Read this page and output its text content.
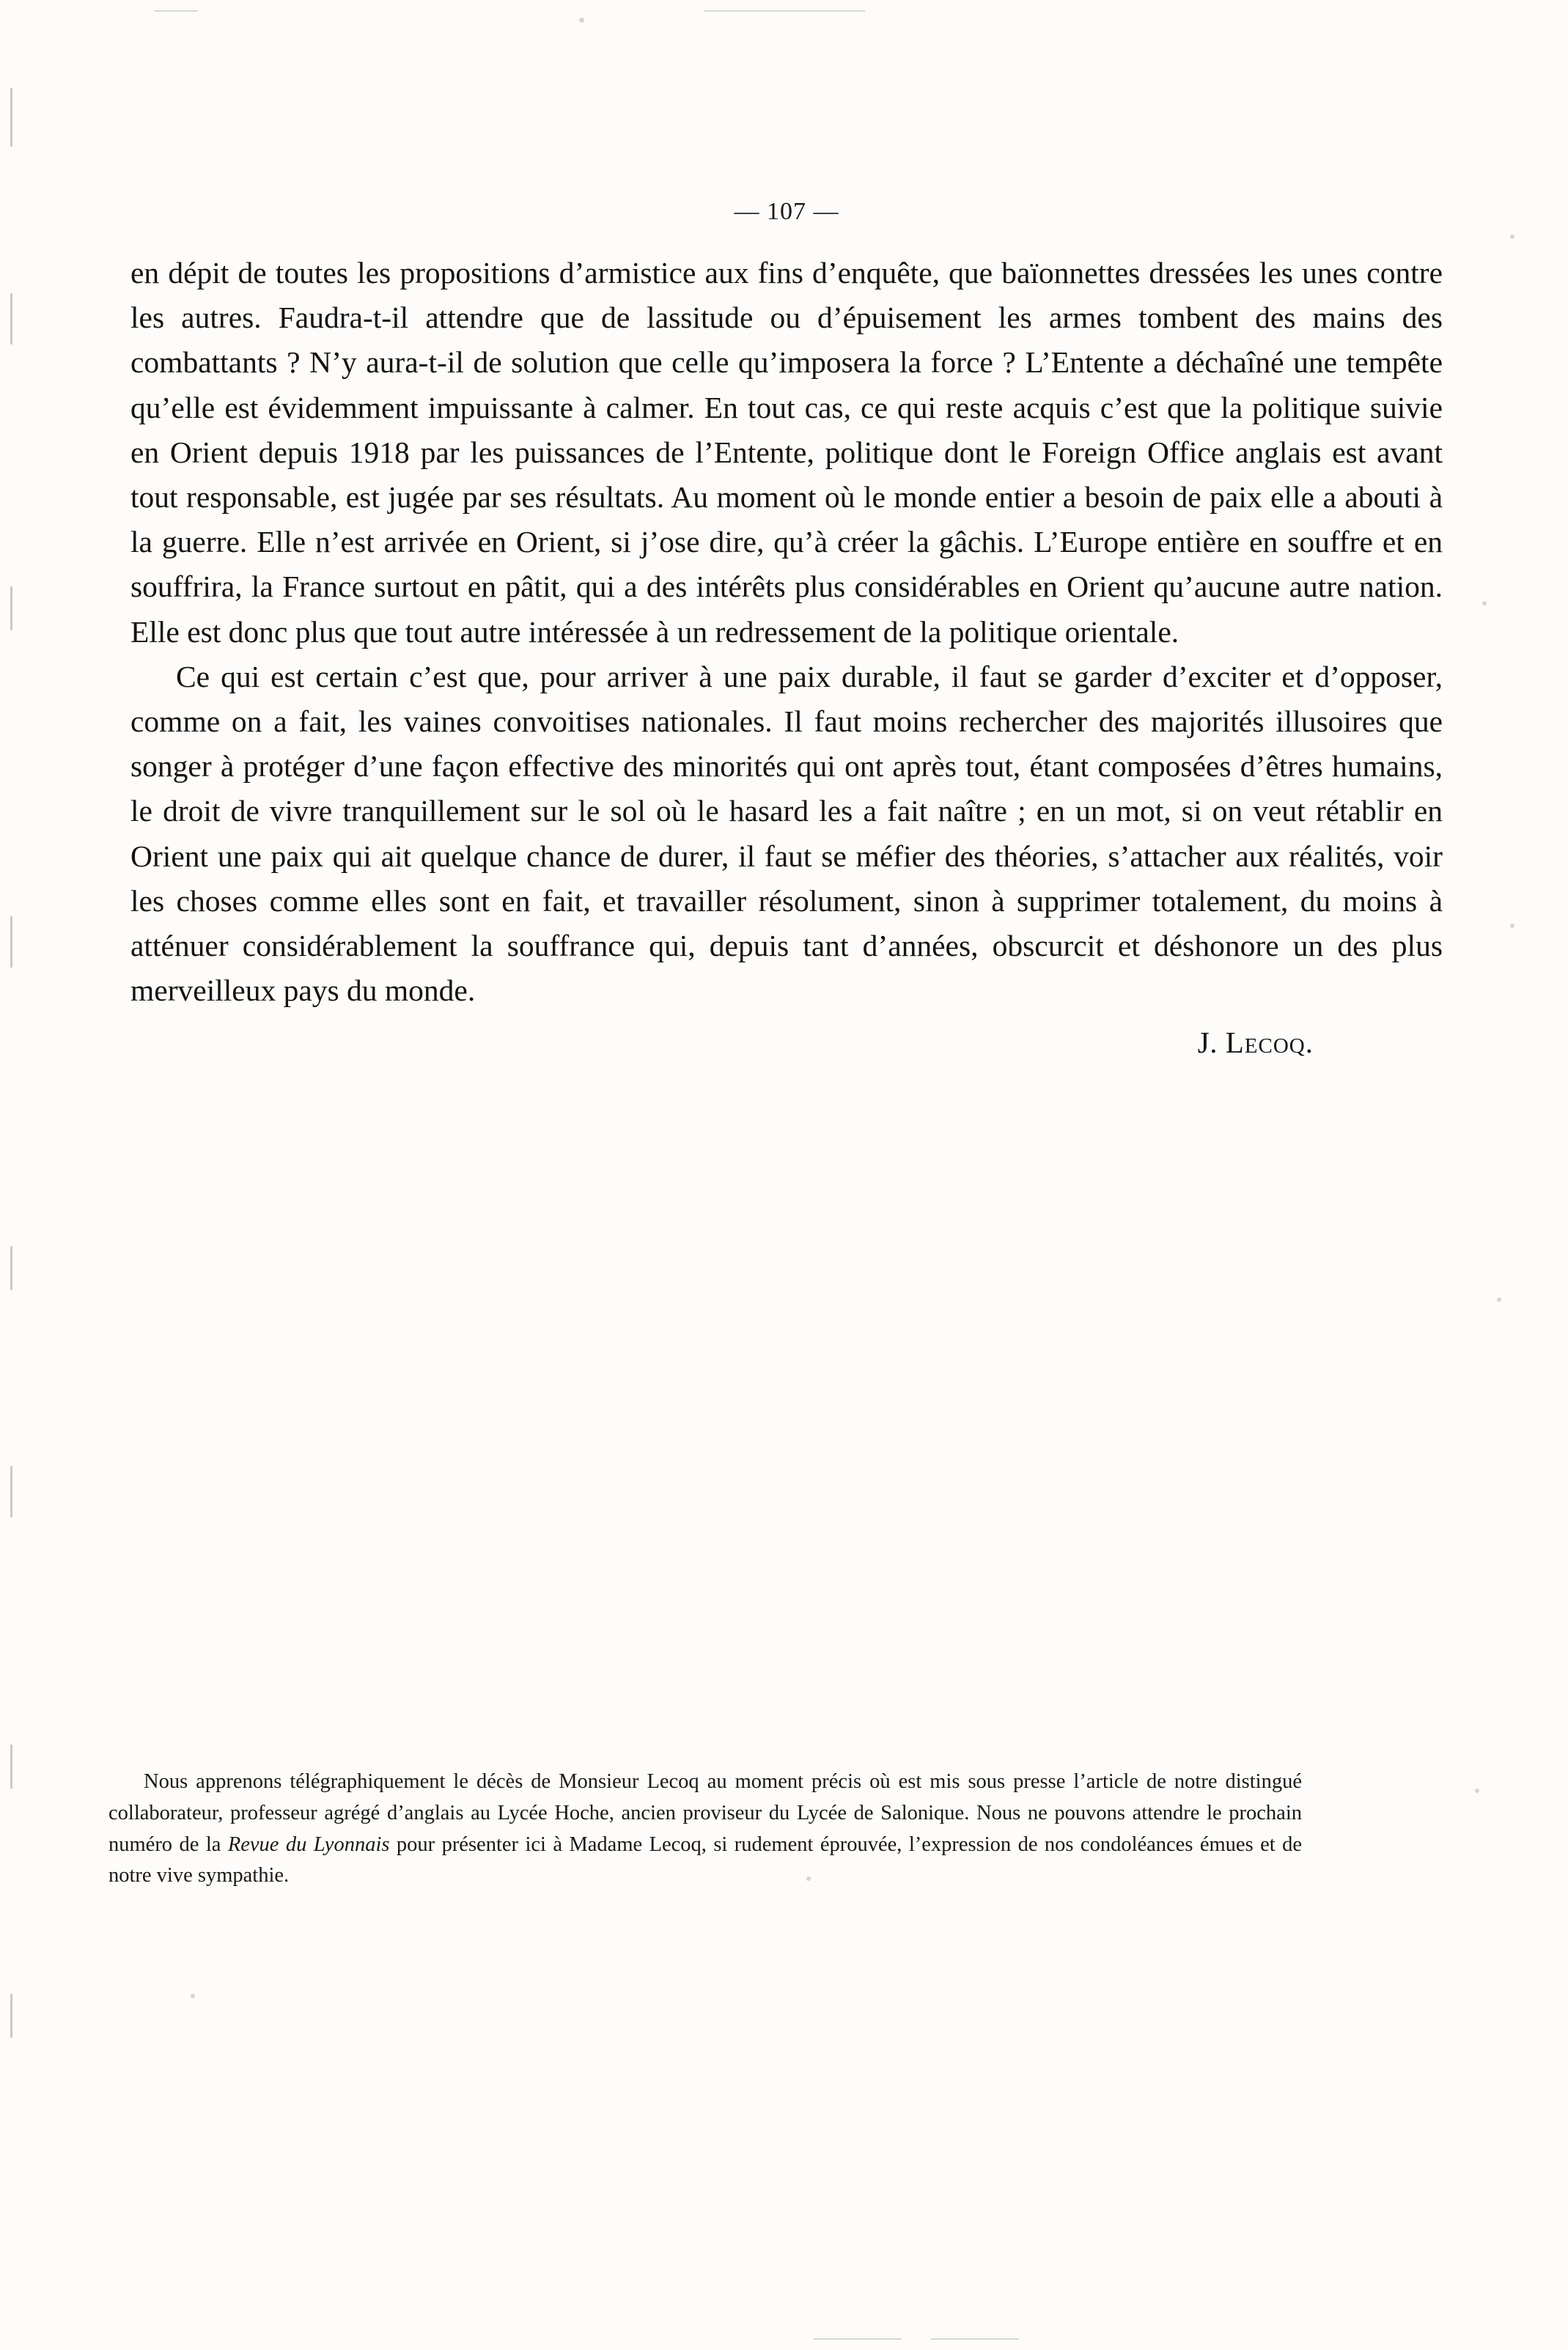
— 107 —

en dépit de toutes les propositions d’armistice aux fins d’enquête, que baïonnettes dressées les unes contre les autres. Faudra-t-il attendre que de lassitude ou d’épuisement les armes tombent des mains des combattants ? N’y aura-t-il de solution que celle qu’imposera la force ? L’Entente a déchaîné une tempête qu’elle est évidemment impuissante à calmer. En tout cas, ce qui reste acquis c’est que la politique suivie en Orient depuis 1918 par les puissances de l’Entente, politique dont le Foreign Office anglais est avant tout responsable, est jugée par ses résultats. Au moment où le monde entier a besoin de paix elle a abouti à la guerre. Elle n’est arrivée en Orient, si j’ose dire, qu’à créer la gâchis. L’Europe entière en souffre et en souffrira, la France surtout en pâtit, qui a des intérêts plus considérables en Orient qu’aucune autre nation. Elle est donc plus que tout autre intéressée à un redressement de la politique orientale.

Ce qui est certain c’est que, pour arriver à une paix durable, il faut se garder d’exciter et d’opposer, comme on a fait, les vaines convoitises nationales. Il faut moins rechercher des majorités illusoires que songer à protéger d’une façon effective des minorités qui ont après tout, étant composées d’êtres humains, le droit de vivre tranquillement sur le sol où le hasard les a fait naître ; en un mot, si on veut rétablir en Orient une paix qui ait quelque chance de durer, il faut se méfier des théories, s’attacher aux réalités, voir les choses comme elles sont en fait, et travailler résolument, sinon à supprimer totalement, du moins à atténuer considérablement la souffrance qui, depuis tant d’années, obscurcit et déshonore un des plus merveilleux pays du monde.

J. Lecoq.

Nous apprenons télégraphiquement le décès de Monsieur Lecoq au moment précis où est mis sous presse l’article de notre distingué collaborateur, professeur agrégé d’anglais au Lycée Hoche, ancien proviseur du Lycée de Salonique. Nous ne pouvons attendre le prochain numéro de la Revue du Lyonnais pour présenter ici à Madame Lecoq, si rudement éprouvée, l’expression de nos condoléances émues et de notre vive sympathie.
